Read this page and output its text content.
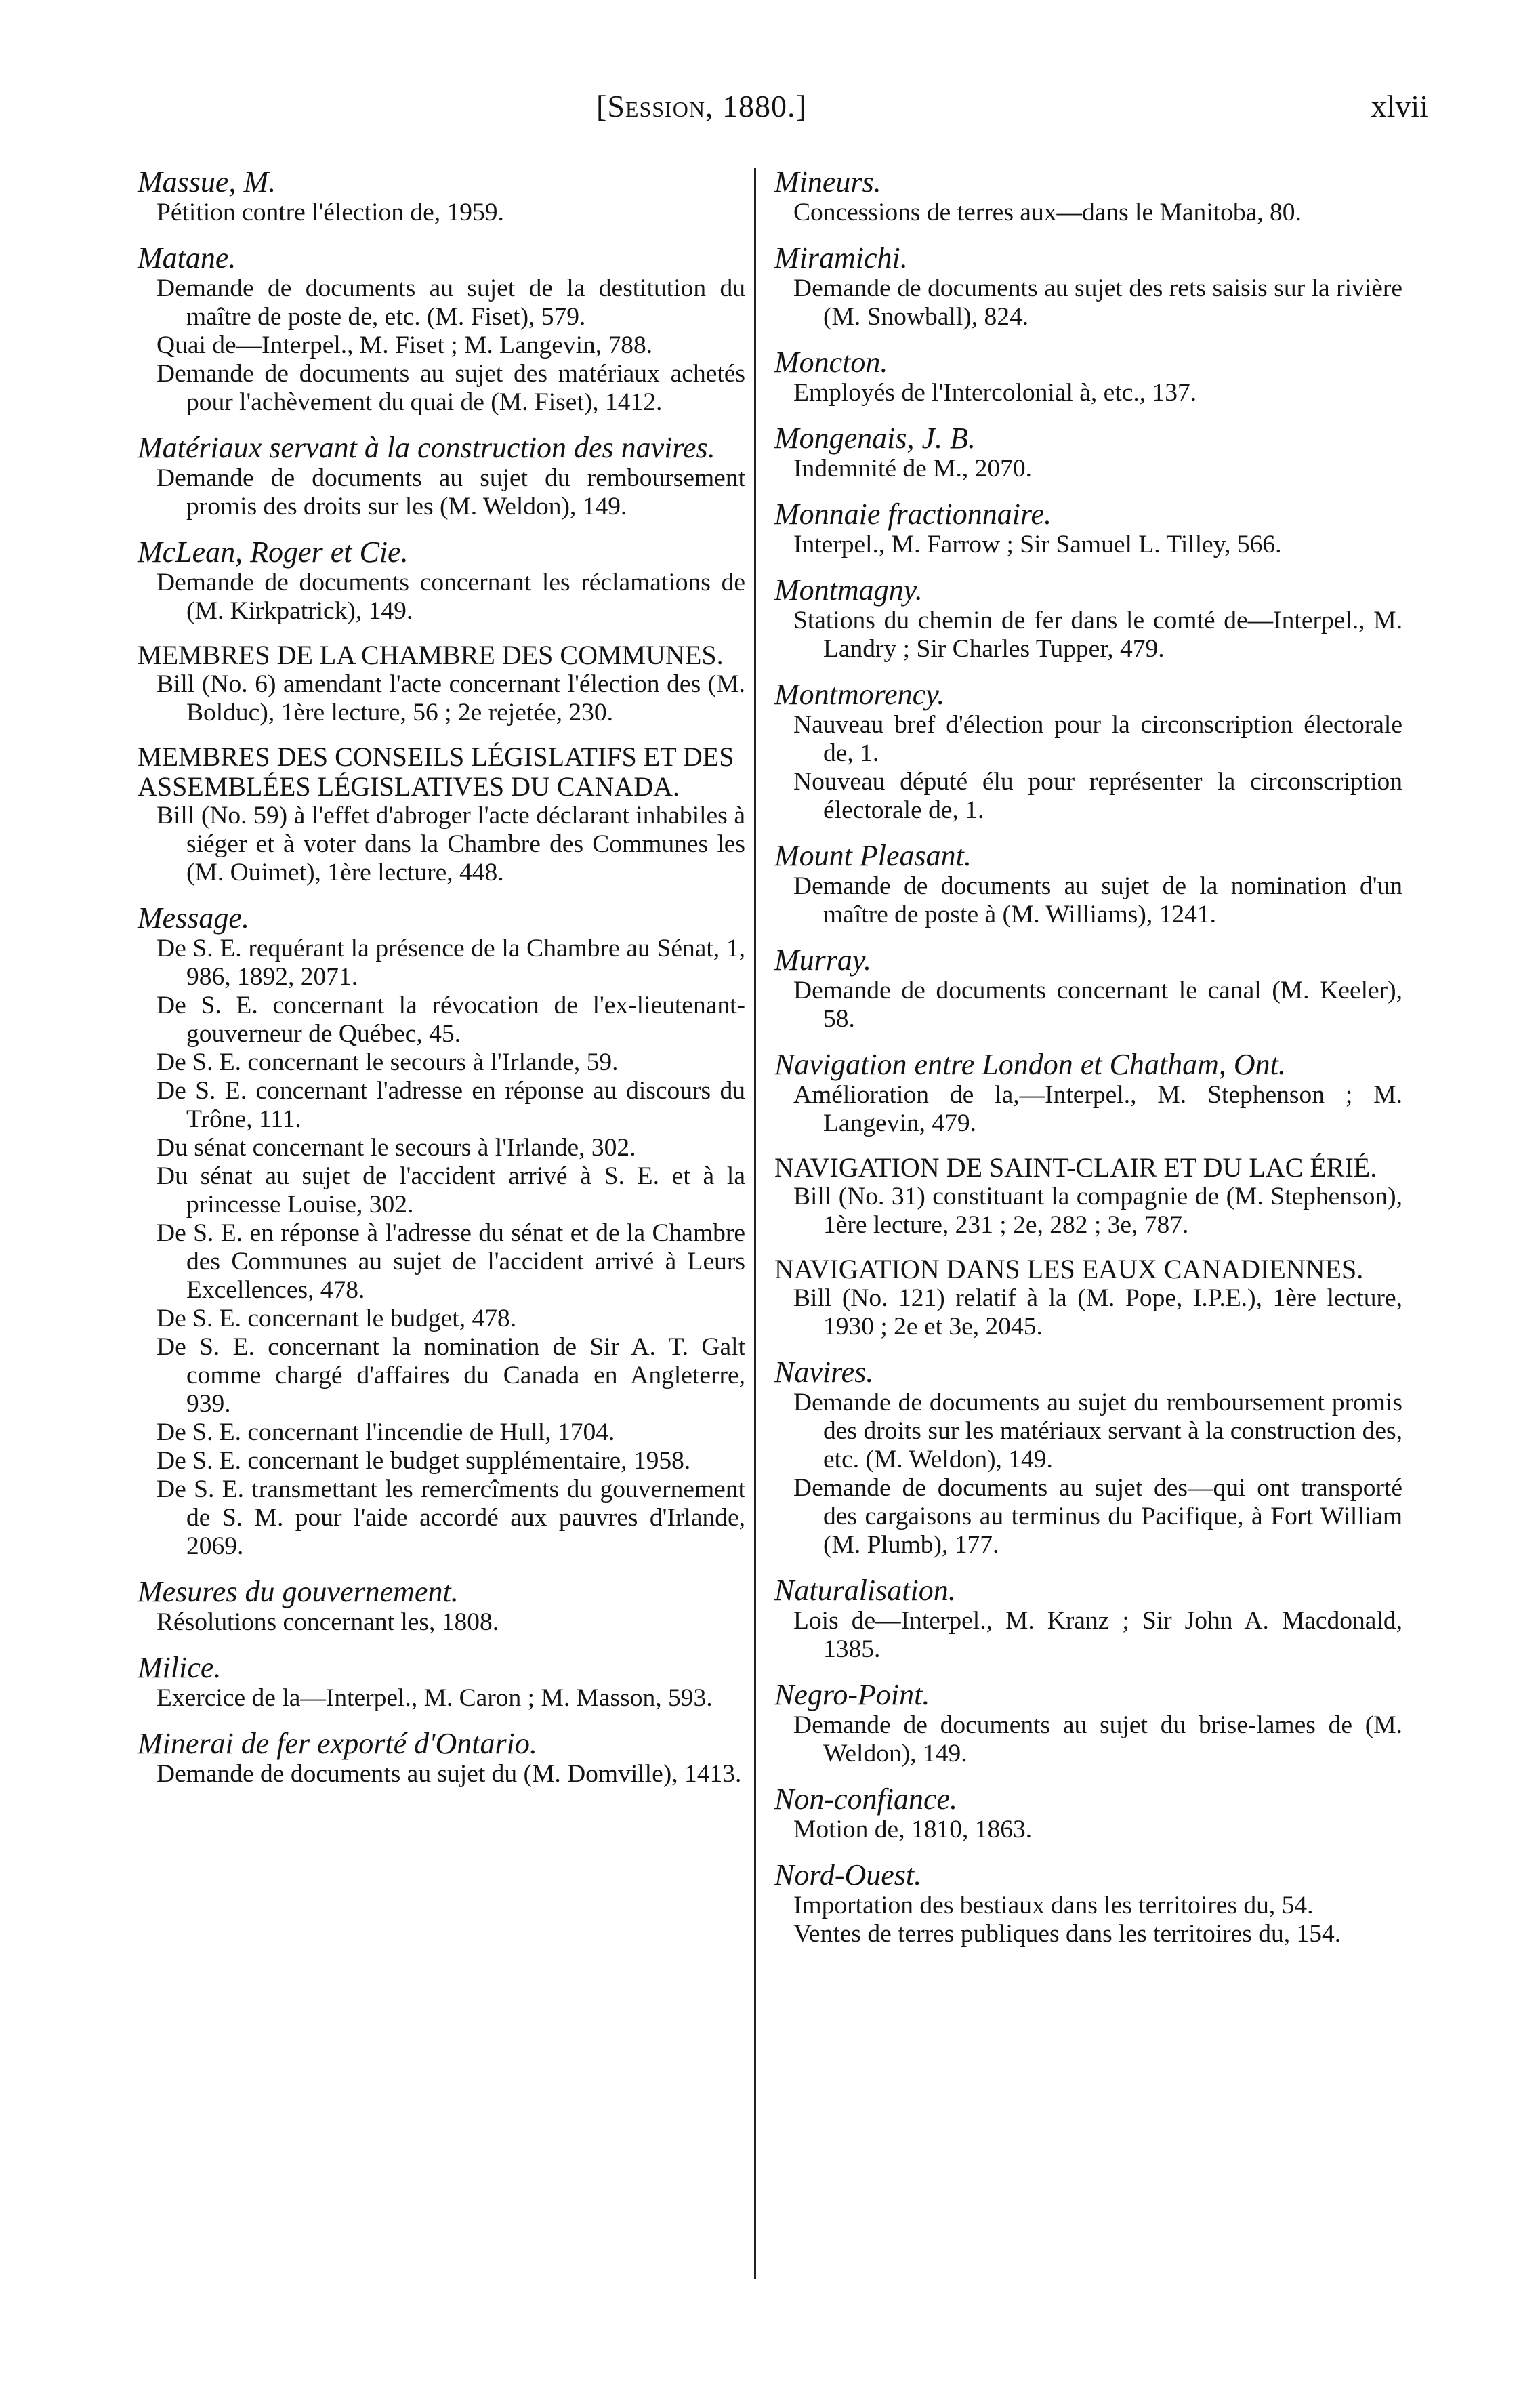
[Session, 1880.]	xlvii
Massue, M.

Pétition contre l'élection de, 1959.

Matane.

Demande de documents au sujet de la destitution du maître de poste de, etc. (M. Fiset), 579.

Quai de—Interpel., M. Fiset ; M. Langevin, 788.

Demande de documents au sujet des matériaux achetés pour l'achèvement du quai de (M. Fiset), 1412.

Matériaux servant à la construction des navires.

Demande de documents au sujet du remboursement promis des droits sur les (M. Weldon), 149.

McLean, Roger et Cie.

Demande de documents concernant les réclamations de (M. Kirkpatrick), 149.

MEMBRES DE LA CHAMBRE DES COMMUNES.

Bill (No. 6) amendant l'acte concernant l'élection des (M. Bolduc), 1ère lecture, 56 ; 2e rejetée, 230.

MEMBRES DES CONSEILS LÉGISLATIFS ET DES ASSEMBLÉES LÉGISLATIVES DU CANADA.

Bill (No. 59) à l'effet d'abroger l'acte déclarant inhabiles à siéger et à voter dans la Chambre des Communes les (M. Ouimet), 1ère lecture, 448.

Message.

De S. E. requérant la présence de la Chambre au Sénat, 1, 986, 1892, 2071.

De S. E. concernant la révocation de l'ex-lieutenant-gouverneur de Québec, 45.

De S. E. concernant le secours à l'Irlande, 59.

De S. E. concernant l'adresse en réponse au discours du Trône, 111.

Du sénat concernant le secours à l'Irlande, 302.

Du sénat au sujet de l'accident arrivé à S. E. et à la princesse Louise, 302.

De S. E. en réponse à l'adresse du sénat et de la Chambre des Communes au sujet de l'accident arrivé à Leurs Excellences, 478.

De S. E. concernant le budget, 478.

De S. E. concernant la nomination de Sir A. T. Galt comme chargé d'affaires du Canada en Angleterre, 939.

De S. E. concernant l'incendie de Hull, 1704.

De S. E. concernant le budget supplémentaire, 1958.

De S. E. transmettant les remercîments du gouvernement de S. M. pour l'aide accordé aux pauvres d'Irlande, 2069.

Mesures du gouvernement.

Résolutions concernant les, 1808.

Milice.

Exercice de la—Interpel., M. Caron ; M. Masson, 593.

Minerai de fer exporté d'Ontario.

Demande de documents au sujet du (M. Domville), 1413.

Mineurs.

Concessions de terres aux—dans le Manitoba, 80.

Miramichi.

Demande de documents au sujet des rets saisis sur la rivière (M. Snowball), 824.

Moncton.

Employés de l'Intercolonial à, etc., 137.

Mongenais, J. B.

Indemnité de M., 2070.

Monnaie fractionnaire.

Interpel., M. Farrow ; Sir Samuel L. Tilley, 566.

Montmagny.

Stations du chemin de fer dans le comté de—Interpel., M. Landry ; Sir Charles Tupper, 479.

Montmorency.

Nauveau bref d'élection pour la circonscription électorale de, 1.

Nouveau député élu pour représenter la circonscription électorale de, 1.

Mount Pleasant.

Demande de documents au sujet de la nomination d'un maître de poste à (M. Williams), 1241.

Murray.

Demande de documents concernant le canal (M. Keeler), 58.

Navigation entre London et Chatham, Ont.

Amélioration de la,—Interpel., M. Stephenson ; M. Langevin, 479.

NAVIGATION DE SAINT-CLAIR ET DU LAC ÉRIÉ.

Bill (No. 31) constituant la compagnie de (M. Stephenson), 1ère lecture, 231 ; 2e, 282 ; 3e, 787.

NAVIGATION DANS LES EAUX CANADIENNES.

Bill (No. 121) relatif à la (M. Pope, I.P.E.), 1ère lecture, 1930 ; 2e et 3e, 2045.

Navires.

Demande de documents au sujet du remboursement promis des droits sur les matériaux servant à la construction des, etc. (M. Weldon), 149.

Demande de documents au sujet des—qui ont transporté des cargaisons au terminus du Pacifique, à Fort William (M. Plumb), 177.

Naturalisation.

Lois de—Interpel., M. Kranz ; Sir John A. Macdonald, 1385.

Negro-Point.

Demande de documents au sujet du brise-lames de (M. Weldon), 149.

Non-confiance.

Motion de, 1810, 1863.

Nord-Ouest.

Importation des bestiaux dans les territoires du, 54.

Ventes de terres publiques dans les territoires du, 154.
